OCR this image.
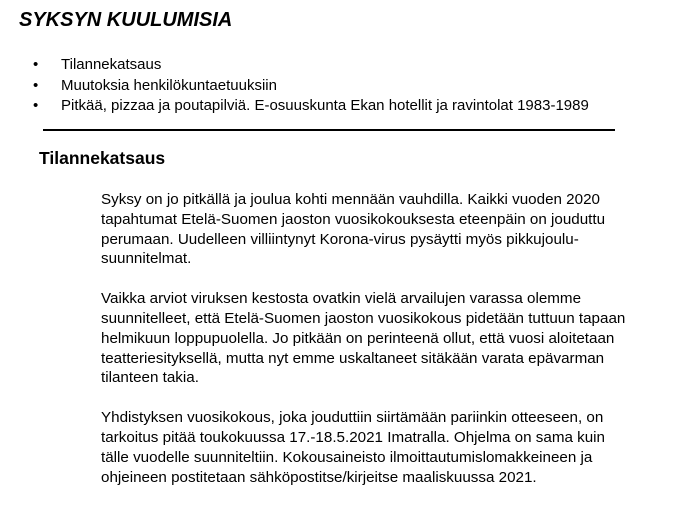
SYKSYN KUULUMISIA
• Tilannekatsaus
• Muutoksia henkilökuntaetuuksiin
• Pitkää, pizzaa ja poutapilviä. E-osuuskunta Ekan hotellit ja ravintolat 1983-1989
Tilannekatsaus

Syksy on jo pitkällä ja joulua kohti mennään vauhdilla. Kaikki vuoden 2020
tapahtumat Etelä-Suomen jaoston vuosikokouksesta eteenpäin on jouduttu
perumaan. Uudelleen villiintynyt Korona-virus pysäytti myös pikkujoulu-
suunnitelmat.

Vaikka arviot viruksen kestosta ovatkin vielä arvailujen varassa olemme
suunnitelleet, että Etelä-Suomen jaoston vuosikokous pidetään tuttuun tapaan
helmikuun loppupuolella. Jo pitkään on perinteenä ollut, että vuosi aloitetaan
teatteriesityksellä, mutta nyt emme uskaltaneet sitäkään varata epävarman
tilanteen takia.

Yhdistyksen vuosikokous, joka jouduttiin siirtämään pariinkin otteeseen, on
tarkoitus pitää toukokuussa 17.-18.5.2021 Imatralla. Ohjelma on sama kuin
tälle vuodelle suunniteltiin. Kokousaineisto ilmoittautumislomakkeineen ja
ohjeineen postitetaan sähköpostitse/kirjeitse maaliskuussa 2021.
